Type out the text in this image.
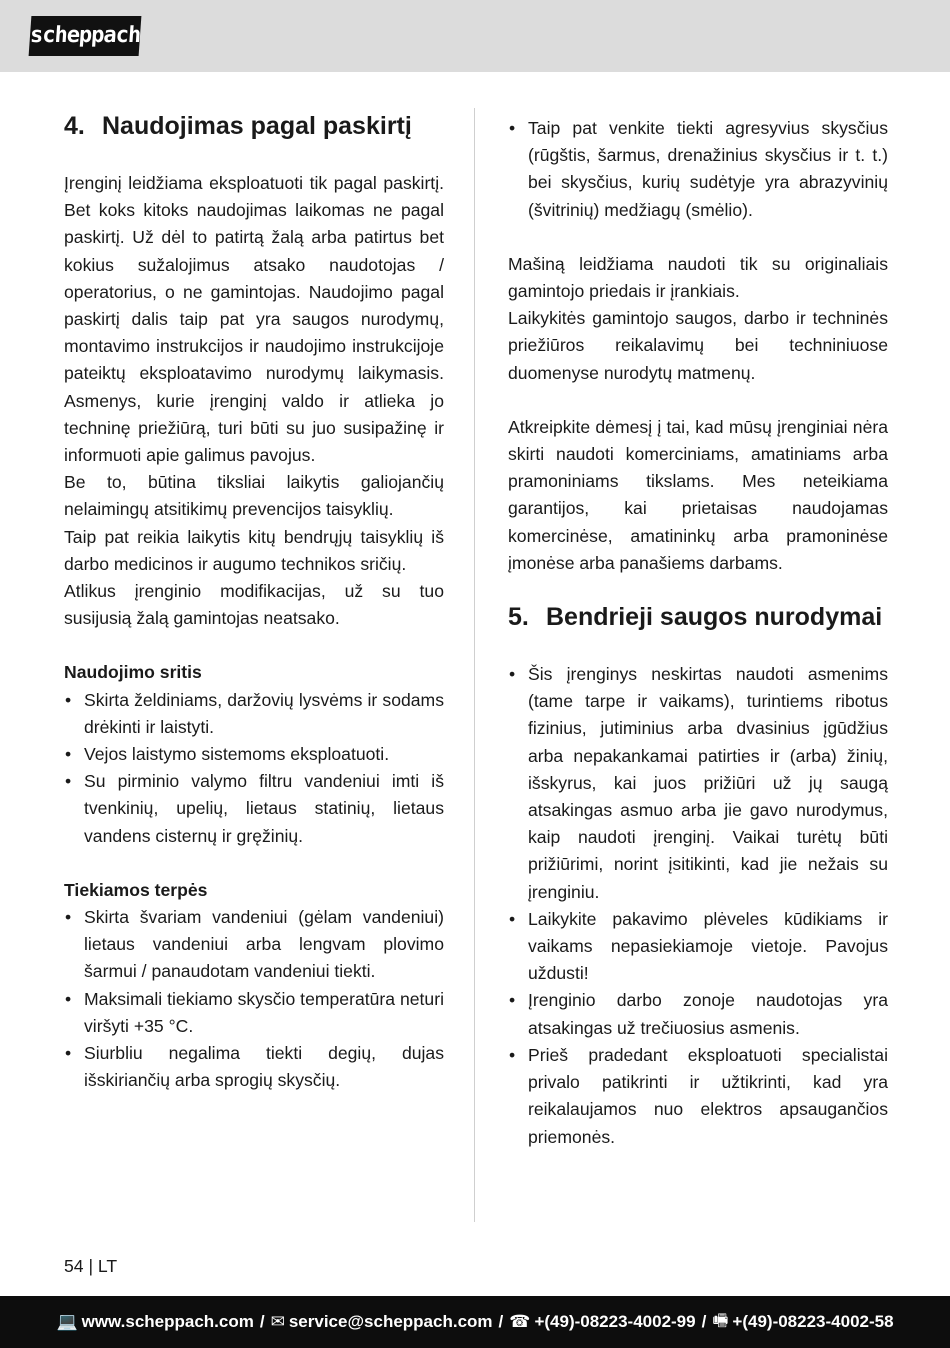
scheppach
4. Naudojimas pagal paskirtį

Įrenginį leidžiama eksploatuoti tik pagal paskirtį. Bet koks kitoks naudojimas laikomas ne pagal paskirtį. Už dėl to patirtą žalą arba patirtus bet kokius sužalojimus atsako naudotojas / operatorius, o ne gamintojas. Naudojimo pagal paskirtį dalis taip pat yra saugos nurodymų, montavimo instrukcijos ir naudojimo instrukcijoje pateiktų eksploatavimo nurodymų laikymasis. Asmenys, kurie įrenginį valdo ir atlieka jo techninę priežiūrą, turi būti su juo susipažinę ir informuoti apie galimus pavojus.

Be to, būtina tiksliai laikytis galiojančių nelaimingų atsitikimų prevencijos taisyklių.

Taip pat reikia laikytis kitų bendrųjų taisyklių iš darbo medicinos ir augumo technikos sričių.

Atlikus įrenginio modifikacijas, už su tuo susijusią žalą gamintojas neatsako.

Naudojimo sritis

• Skirta želdiniams, daržovių lysvėms ir sodams drėkinti ir laistyti.
• Vejos laistymo sistemoms eksploatuoti.
• Su pirminio valymo filtru vandeniui imti iš tvenkinių, upelių, lietaus statinių, lietaus vandens cisternų ir gręžinių.

Tiekiamos terpės

• Skirta švariam vandeniui (gėlam vandeniui) lietaus vandeniui arba lengvam plovimo šarmui / panaudotam vandeniui tiekti.
• Maksimali tiekiamo skysčio temperatūra neturi viršyti +35 °C.
• Siurbliu negalima tiekti degių, dujas išskiriančių arba sprogių skysčių.
• Taip pat venkite tiekti agresyvius skysčius (rūgštis, šarmus, drenažinius skysčius ir t. t.) bei skysčius, kurių sudėtyje yra abrazyvinių (švitrinių) medžiagų (smėlio).

Mašiną leidžiama naudoti tik su originaliais gamintojo priedais ir įrankiais.

Laikykitės gamintojo saugos, darbo ir techninės priežiūros reikalavimų bei techniniuose duomenyse nurodytų matmenų.

Atkreipkite dėmesį į tai, kad mūsų įrenginiai nėra skirti naudoti komerciniams, amatiniams arba pramoniniams tikslams. Mes neteikiama garantijos, kai prietaisas naudojamas komercinėse, amatininkų arba pramoninėse įmonėse arba panašiems darbams.

5. Bendrieji saugos nurodymai
• Šis įrenginys neskirtas naudoti asmenims (tame tarpe ir vaikams), turintiems ribotus fizinius, jutiminius arba dvasinius įgūdžius arba nepakankamai patirties ir (arba) žinių, išskyrus, kai juos prižiūri už jų saugą atsakingas asmuo arba jie gavo nurodymus, kaip naudoti įrenginį. Vaikai turėtų būti prižiūrimi, norint įsitikinti, kad jie nežais su įrenginiu.
• Laikykite pakavimo plėveles kūdikiams ir vaikams nepasiekiamoje vietoje. Pavojus uždusti!
• Įrenginio darbo zonoje naudotojas yra atsakingas už trečiuosius asmenis.
• Prieš pradedant eksploatuoti specialistai privalo patikrinti ir užtikrinti, kad yra reikalaujamos nuo elektros apsaugančios priemonės.
54 | LT
💻 www.scheppach.com / ✉ service@scheppach.com / ☎ +(49)-08223-4002-99 / 🖷 +(49)-08223-4002-58
